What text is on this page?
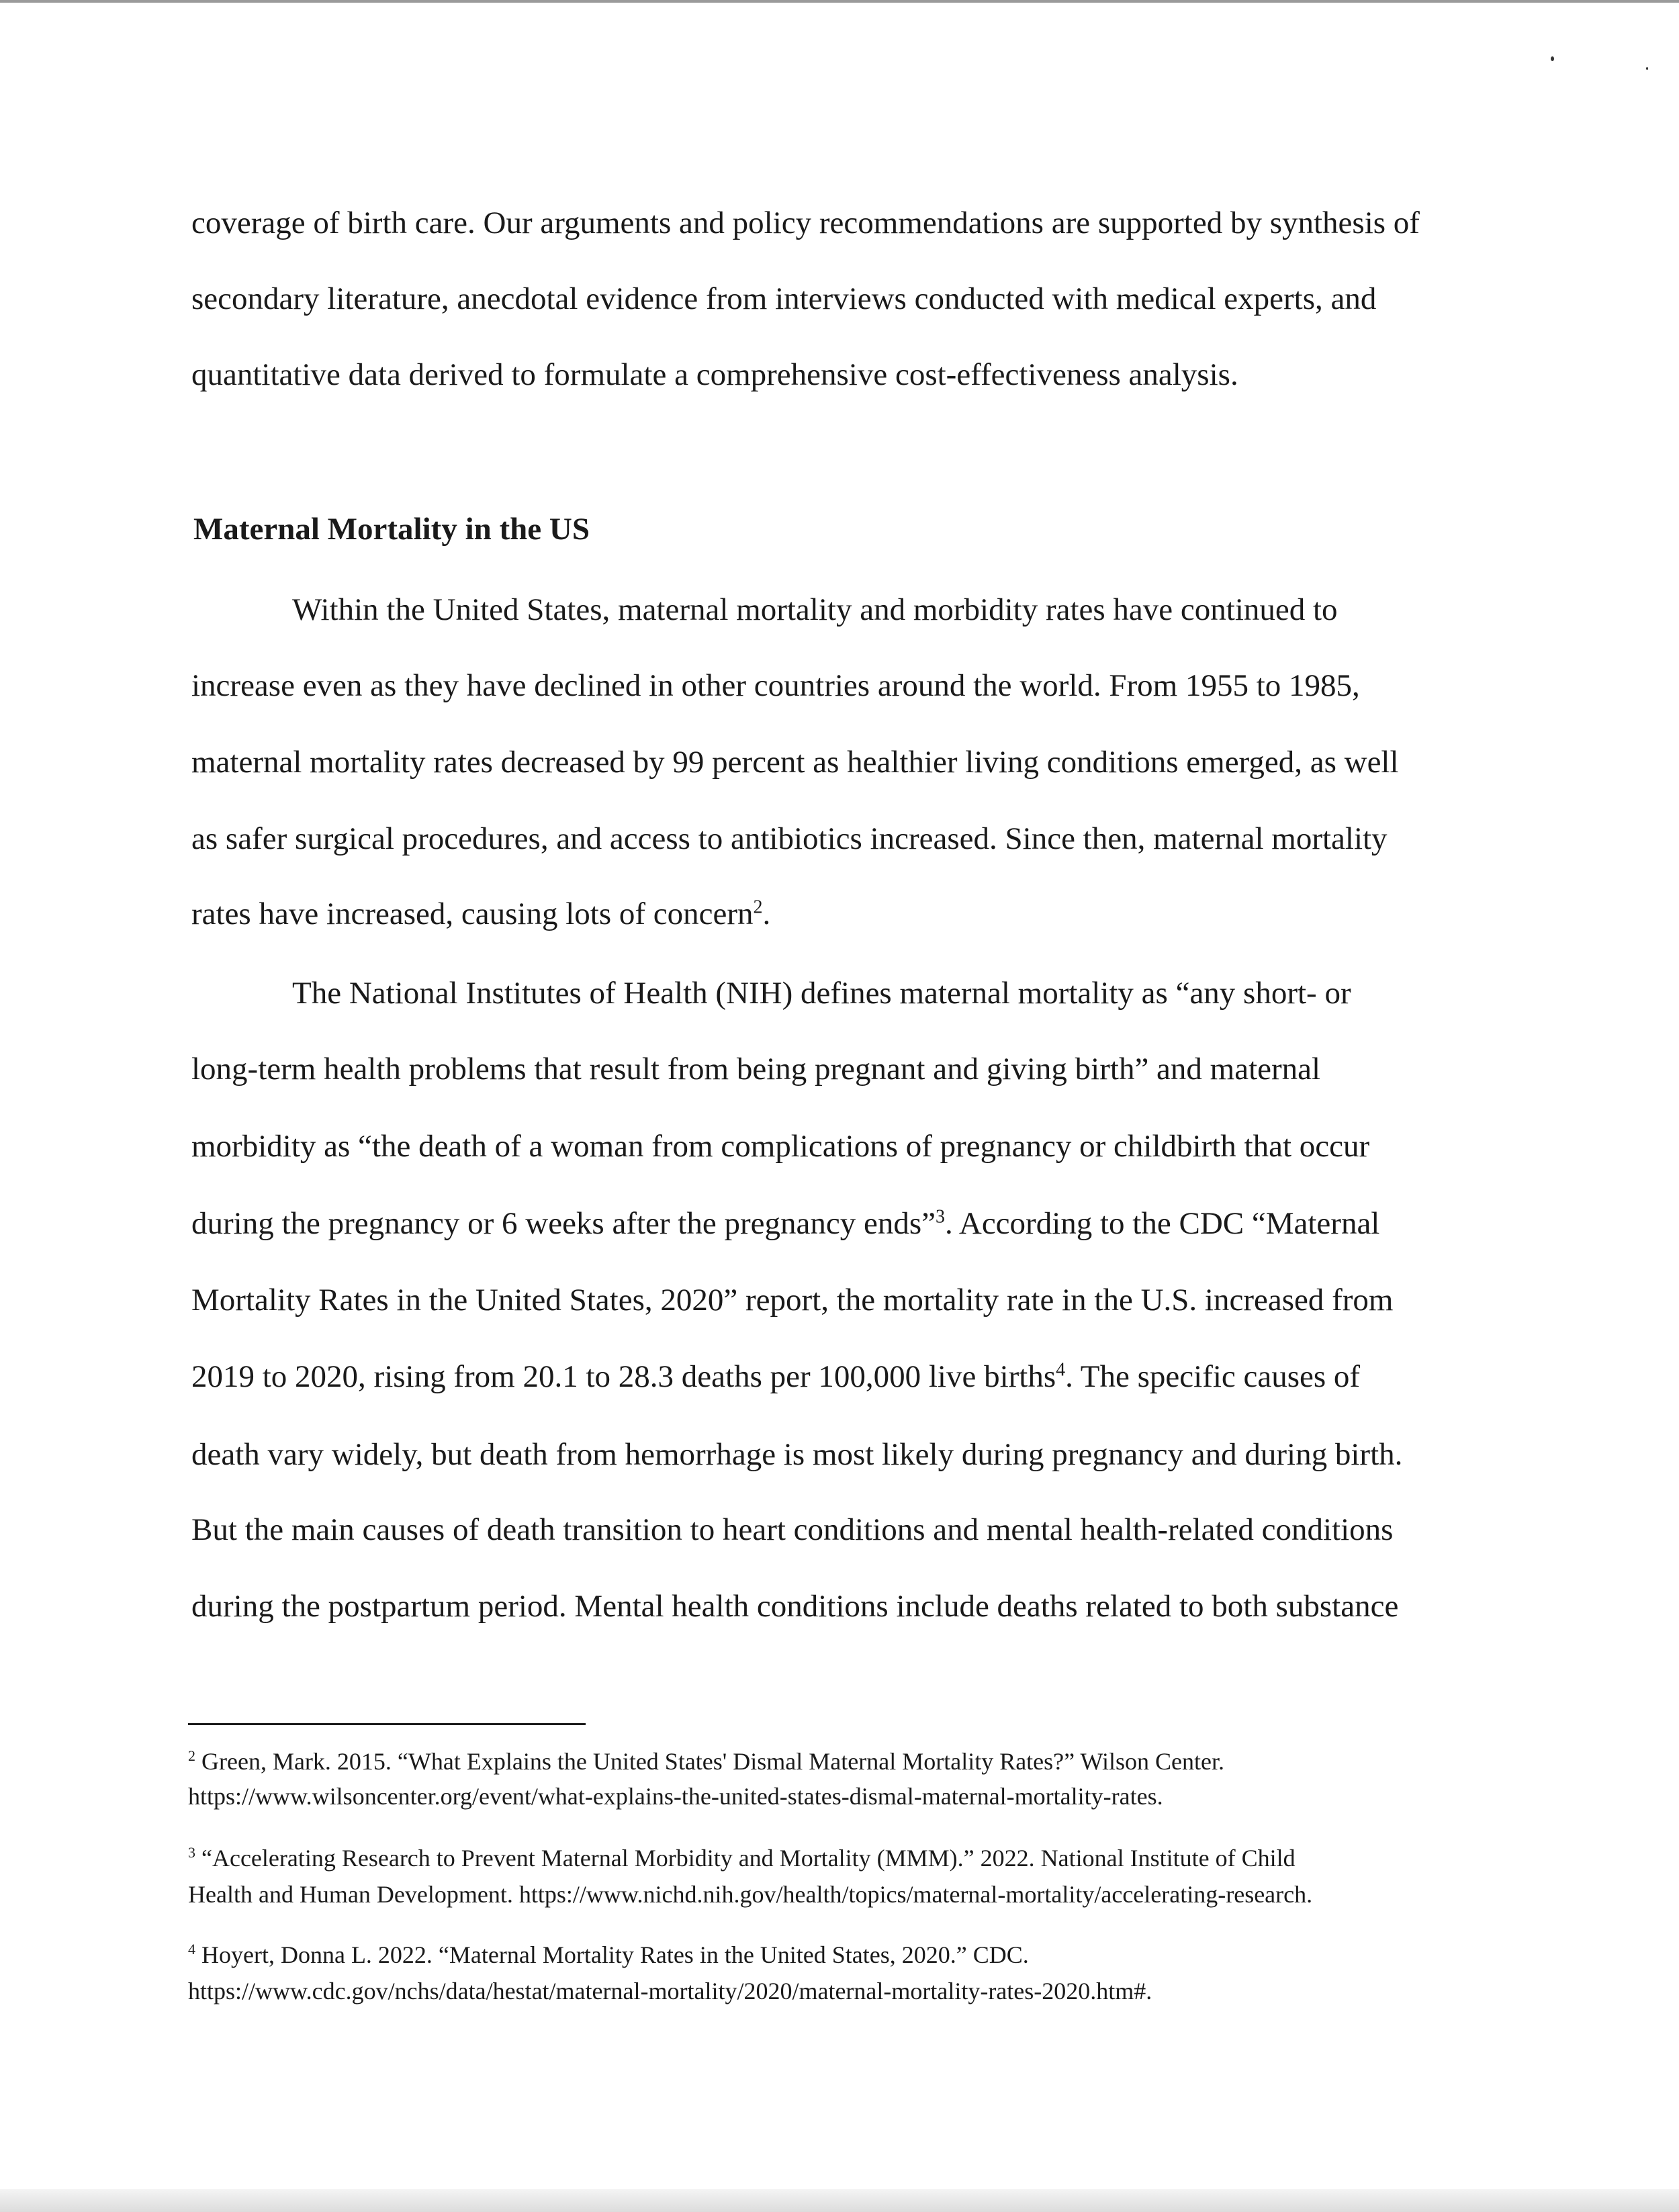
coverage of birth care. Our arguments and policy recommendations are supported by synthesis of

secondary literature, anecdotal evidence from interviews conducted with medical experts, and

quantitative data derived to formulate a comprehensive cost-effectiveness analysis.

Maternal Mortality in the US

Within the United States, maternal mortality and morbidity rates have continued to

increase even as they have declined in other countries around the world. From 1955 to 1985,

maternal mortality rates decreased by 99 percent as healthier living conditions emerged, as well

as safer surgical procedures, and access to antibiotics increased. Since then, maternal mortality

rates have increased, causing lots of concern$^2$.

The National Institutes of Health (NIH) defines maternal mortality as “any short- or

long-term health problems that result from being pregnant and giving birth” and maternal

morbidity as “the death of a woman from complications of pregnancy or childbirth that occur

during the pregnancy or 6 weeks after the pregnancy ends”$^3$. According to the CDC “Maternal

Mortality Rates in the United States, 2020” report, the mortality rate in the U.S. increased from

2019 to 2020, rising from 20.1 to 28.3 deaths per 100,000 live births$^4$. The specific causes of

death vary widely, but death from hemorrhage is most likely during pregnancy and during birth.

But the main causes of death transition to heart conditions and mental health-related conditions

during the postpartum period. Mental health conditions include deaths related to both substance

$^2$ Green, Mark. 2015. “What Explains the United States' Dismal Maternal Mortality Rates?” Wilson Center.

https://www.wilsoncenter.org/event/what-explains-the-united-states-dismal-maternal-mortality-rates.

$^3$ “Accelerating Research to Prevent Maternal Morbidity and Mortality (MMM).” 2022. National Institute of Child

Health and Human Development. https://www.nichd.nih.gov/health/topics/maternal-mortality/accelerating-research.

$^4$ Hoyert, Donna L. 2022. “Maternal Mortality Rates in the United States, 2020.” CDC.

https://www.cdc.gov/nchs/data/hestat/maternal-mortality/2020/maternal-mortality-rates-2020.htm#.
